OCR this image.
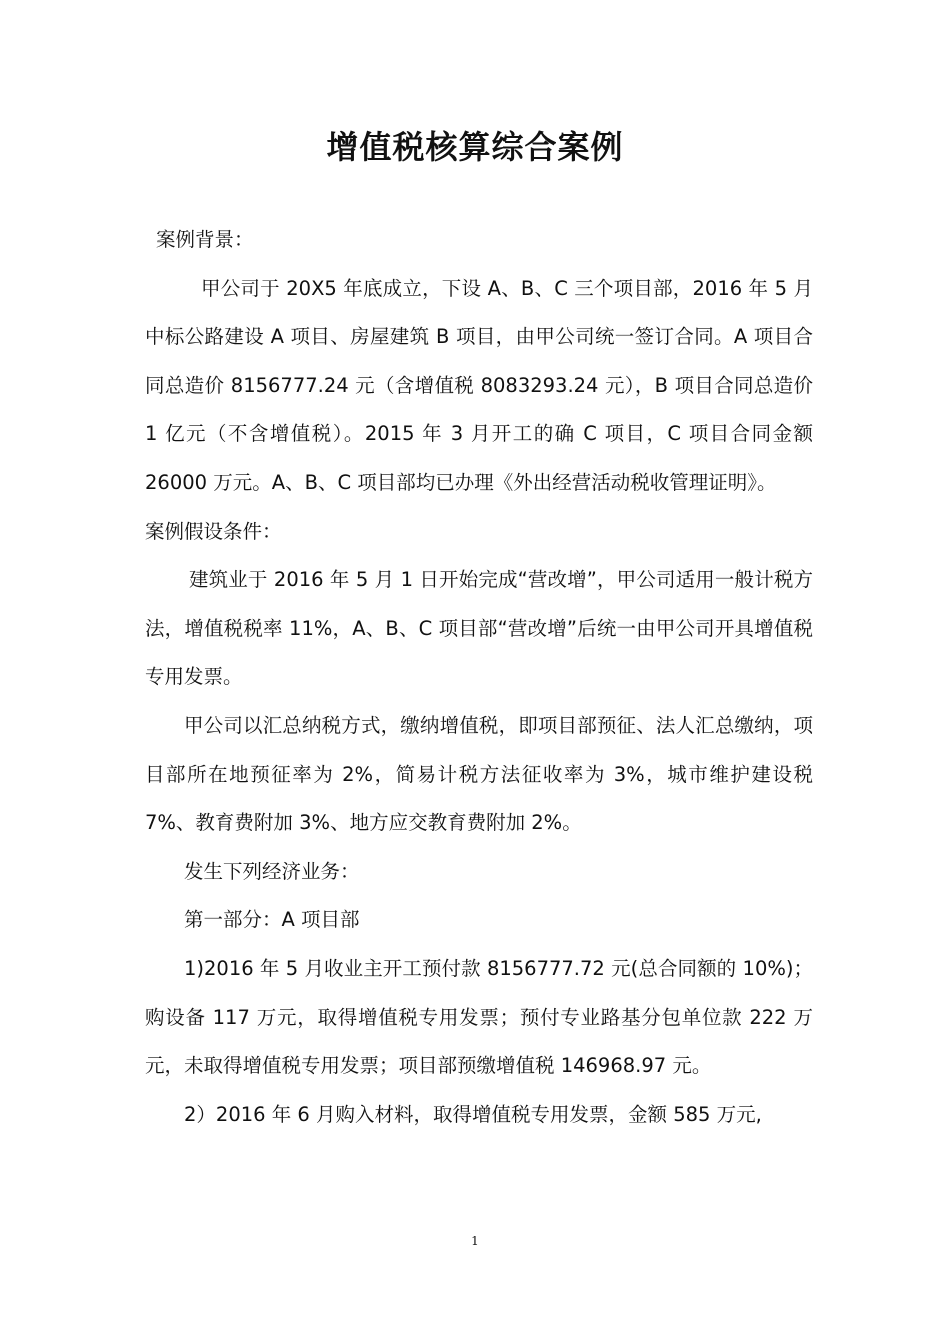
增值税核算综合案例

案例背景：

甲公司于 20X5 年底成立，下设 A、B、C 三个项目部，2016 年 5 月中标公路建设 A 项目、房屋建筑 B 项目，由甲公司统一签订合同。A 项目合同总造价 8156777.24 元（含增值税 8083293.24 元），B 项目合同总造价 1 亿元（不含增值税）。2015 年 3 月开工的确 C 项目，C 项目合同金额 26000 万元。A、B、C 项目部均已办理《外出经营活动税收管理证明》。

案例假设条件：

建筑业于 2016 年 5 月 1 日开始完成“营改增”，甲公司适用一般计税方法，增值税税率 11%，A、B、C 项目部“营改增”后统一由甲公司开具增值税专用发票。

甲公司以汇总纳税方式，缴纳增值税，即项目部预征、法人汇总缴纳，项目部所在地预征率为 2%，简易计税方法征收率为 3%，城市维护建设税 7%、教育费附加 3%、地方应交教育费附加 2%。

发生下列经济业务：

第一部分：A 项目部

1)2016 年 5 月收业主开工预付款 8156777.72 元(总合同额的 10%)；购设备 117 万元，取得增值税专用发票；预付专业路基分包单位款 222 万元，未取得增值税专用发票；项目部预缴增值税 146968.97 元。

2）2016 年 6 月购入材料，取得增值税专用发票，金额 585 万元,

1
